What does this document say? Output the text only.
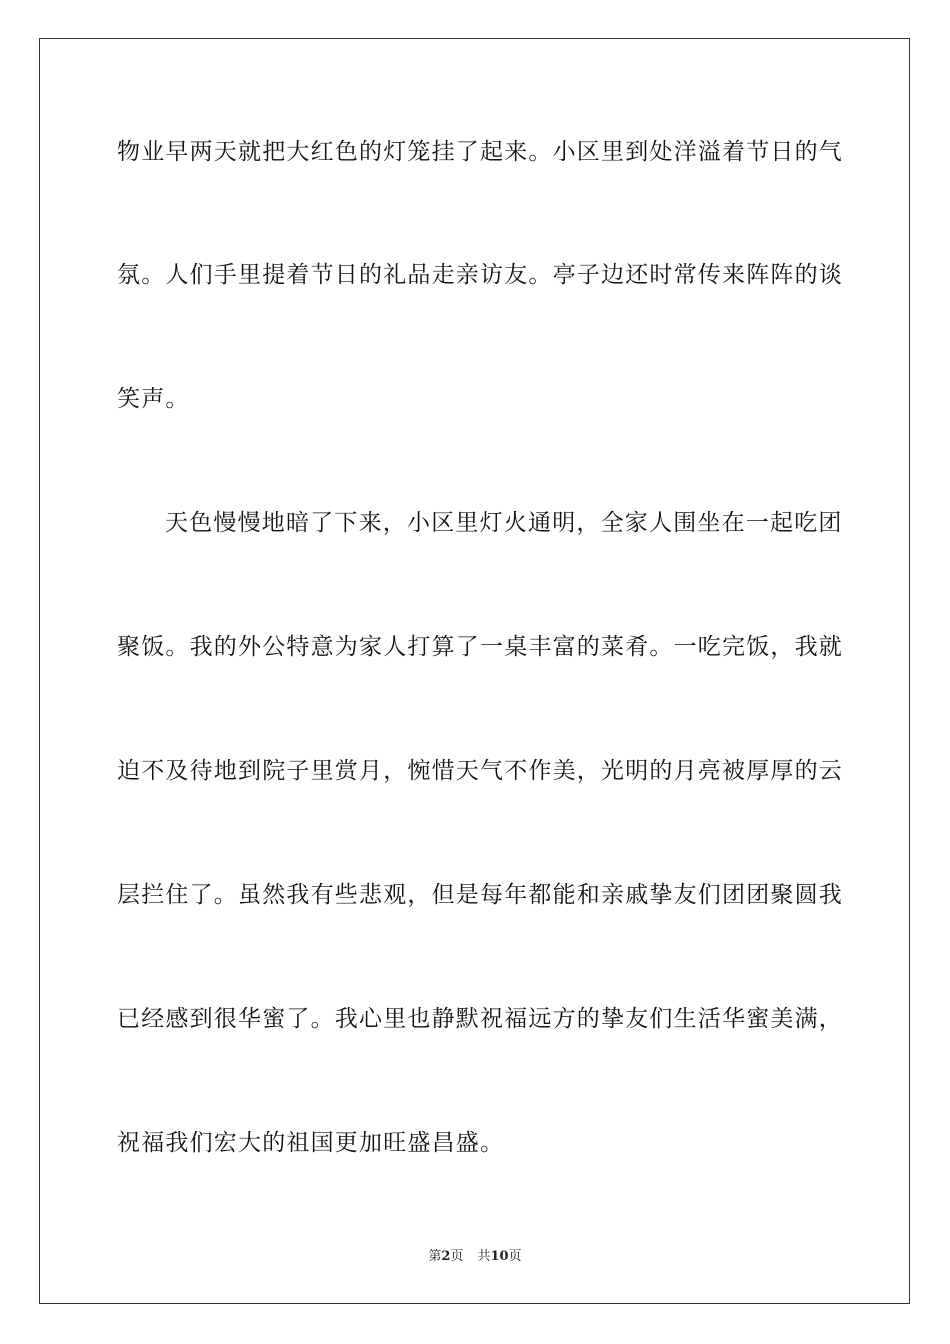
物业早两天就把大红色的灯笼挂了起来。小区里到处洋溢着节日的气
氛。人们手里提着节日的礼品走亲访友。亭子边还时常传来阵阵的谈
笑声。
天色慢慢地暗了下来，小区里灯火通明，全家人围坐在一起吃团
聚饭。我的外公特意为家人打算了一桌丰富的菜肴。一吃完饭，我就
迫不及待地到院子里赏月，惋惜天气不作美，光明的月亮被厚厚的云
层拦住了。虽然我有些悲观，但是每年都能和亲戚挚友们团团聚圆我
已经感到很华蜜了。我心里也静默祝福远方的挚友们生活华蜜美满，
祝福我们宏大的祖国更加旺盛昌盛。
第2页 共10页
